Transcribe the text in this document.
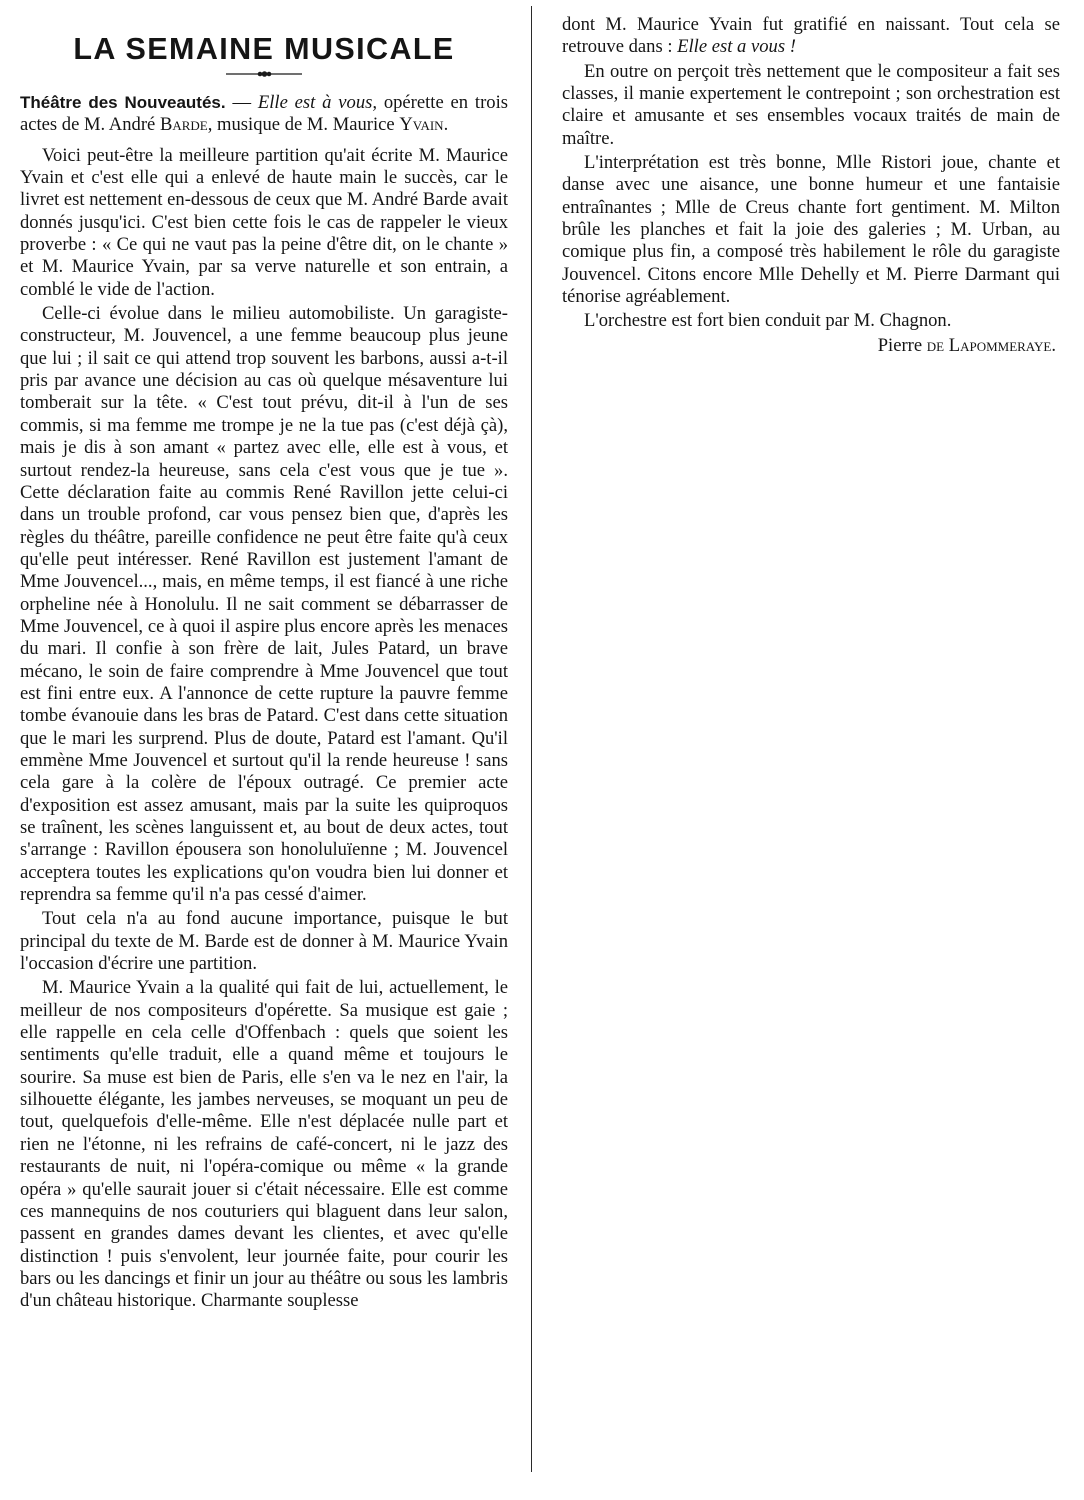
LA SEMAINE MUSICALE

Théâtre des Nouveautés. — Elle est à vous, opérette en trois actes de M. André Barde, musique de M. Maurice Yvain.

Voici peut-être la meilleure partition qu'ait écrite M. Maurice Yvain et c'est elle qui a enlevé de haute main le succès, car le livret est nettement en-dessous de ceux que M. André Barde avait donnés jusqu'ici. C'est bien cette fois le cas de rappeler le vieux proverbe : « Ce qui ne vaut pas la peine d'être dit, on le chante » et M. Maurice Yvain, par sa verve naturelle et son entrain, a comblé le vide de l'action.

Celle-ci évolue dans le milieu automobiliste. Un garagiste-constructeur, M. Jouvencel, a une femme beaucoup plus jeune que lui ; il sait ce qui attend trop souvent les barbons, aussi a-t-il pris par avance une décision au cas où quelque mésaventure lui tomberait sur la tête. « C'est tout prévu, dit-il à l'un de ses commis, si ma femme me trompe je ne la tue pas (c'est déjà çà), mais je dis à son amant « partez avec elle, elle est à vous, et surtout rendez-la heureuse, sans cela c'est vous que je tue ». Cette déclaration faite au commis René Ravillon jette celui-ci dans un trouble profond, car vous pensez bien que, d'après les règles du théâtre, pareille confidence ne peut être faite qu'à ceux qu'elle peut intéresser. René Ravillon est justement l'amant de Mme Jouvencel..., mais, en même temps, il est fiancé à une riche orpheline née à Honolulu. Il ne sait comment se débarrasser de Mme Jouvencel, ce à quoi il aspire plus encore après les menaces du mari. Il confie à son frère de lait, Jules Patard, un brave mécano, le soin de faire comprendre à Mme Jouvencel que tout est fini entre eux. A l'annonce de cette rupture la pauvre femme tombe évanouie dans les bras de Patard. C'est dans cette situation que le mari les surprend. Plus de doute, Patard est l'amant. Qu'il emmène Mme Jouvencel et surtout qu'il la rende heureuse ! sans cela gare à la colère de l'époux outragé. Ce premier acte d'exposition est assez amusant, mais par la suite les quiproquos se traînent, les scènes languissent et, au bout de deux actes, tout s'arrange : Ravillon épousera son honoluluïenne ; M. Jouvencel acceptera toutes les explications qu'on voudra bien lui donner et reprendra sa femme qu'il n'a pas cessé d'aimer.

Tout cela n'a au fond aucune importance, puisque le but principal du texte de M. Barde est de donner à M. Maurice Yvain l'occasion d'écrire une partition.

M. Maurice Yvain a la qualité qui fait de lui, actuellement, le meilleur de nos compositeurs d'opérette. Sa musique est gaie ; elle rappelle en cela celle d'Offenbach : quels que soient les sentiments qu'elle traduit, elle a quand même et toujours le sourire. Sa muse est bien de Paris, elle s'en va le nez en l'air, la silhouette élégante, les jambes nerveuses, se moquant un peu de tout, quelquefois d'elle-même. Elle n'est déplacée nulle part et rien ne l'étonne, ni les refrains de café-concert, ni le jazz des restaurants de nuit, ni l'opéra-comique ou même « la grande opéra » qu'elle saurait jouer si c'était nécessaire. Elle est comme ces mannequins de nos couturiers qui blaguent dans leur salon, passent en grandes dames devant les clientes, et avec qu'elle distinction ! puis s'envolent, leur journée faite, pour courir les bars ou les dancings et finir un jour au théâtre ou sous les lambris d'un château historique. Charmante souplesse

dont M. Maurice Yvain fut gratifié en naissant. Tout cela se retrouve dans : Elle est a vous !

En outre on perçoit très nettement que le compositeur a fait ses classes, il manie expertement le contrepoint ; son orchestration est claire et amusante et ses ensembles vocaux traités de main de maître.

L'interprétation est très bonne, Mlle Ristori joue, chante et danse avec une aisance, une bonne humeur et une fantaisie entraînantes ; Mlle de Creus chante fort gentiment. M. Milton brûle les planches et fait la joie des galeries ; M. Urban, au comique plus fin, a composé très habilement le rôle du garagiste Jouvencel. Citons encore Mlle Dehelly et M. Pierre Darmant qui ténorise agréablement.

L'orchestre est fort bien conduit par M. Chagnon.

Pierre de Lapommeraye.
